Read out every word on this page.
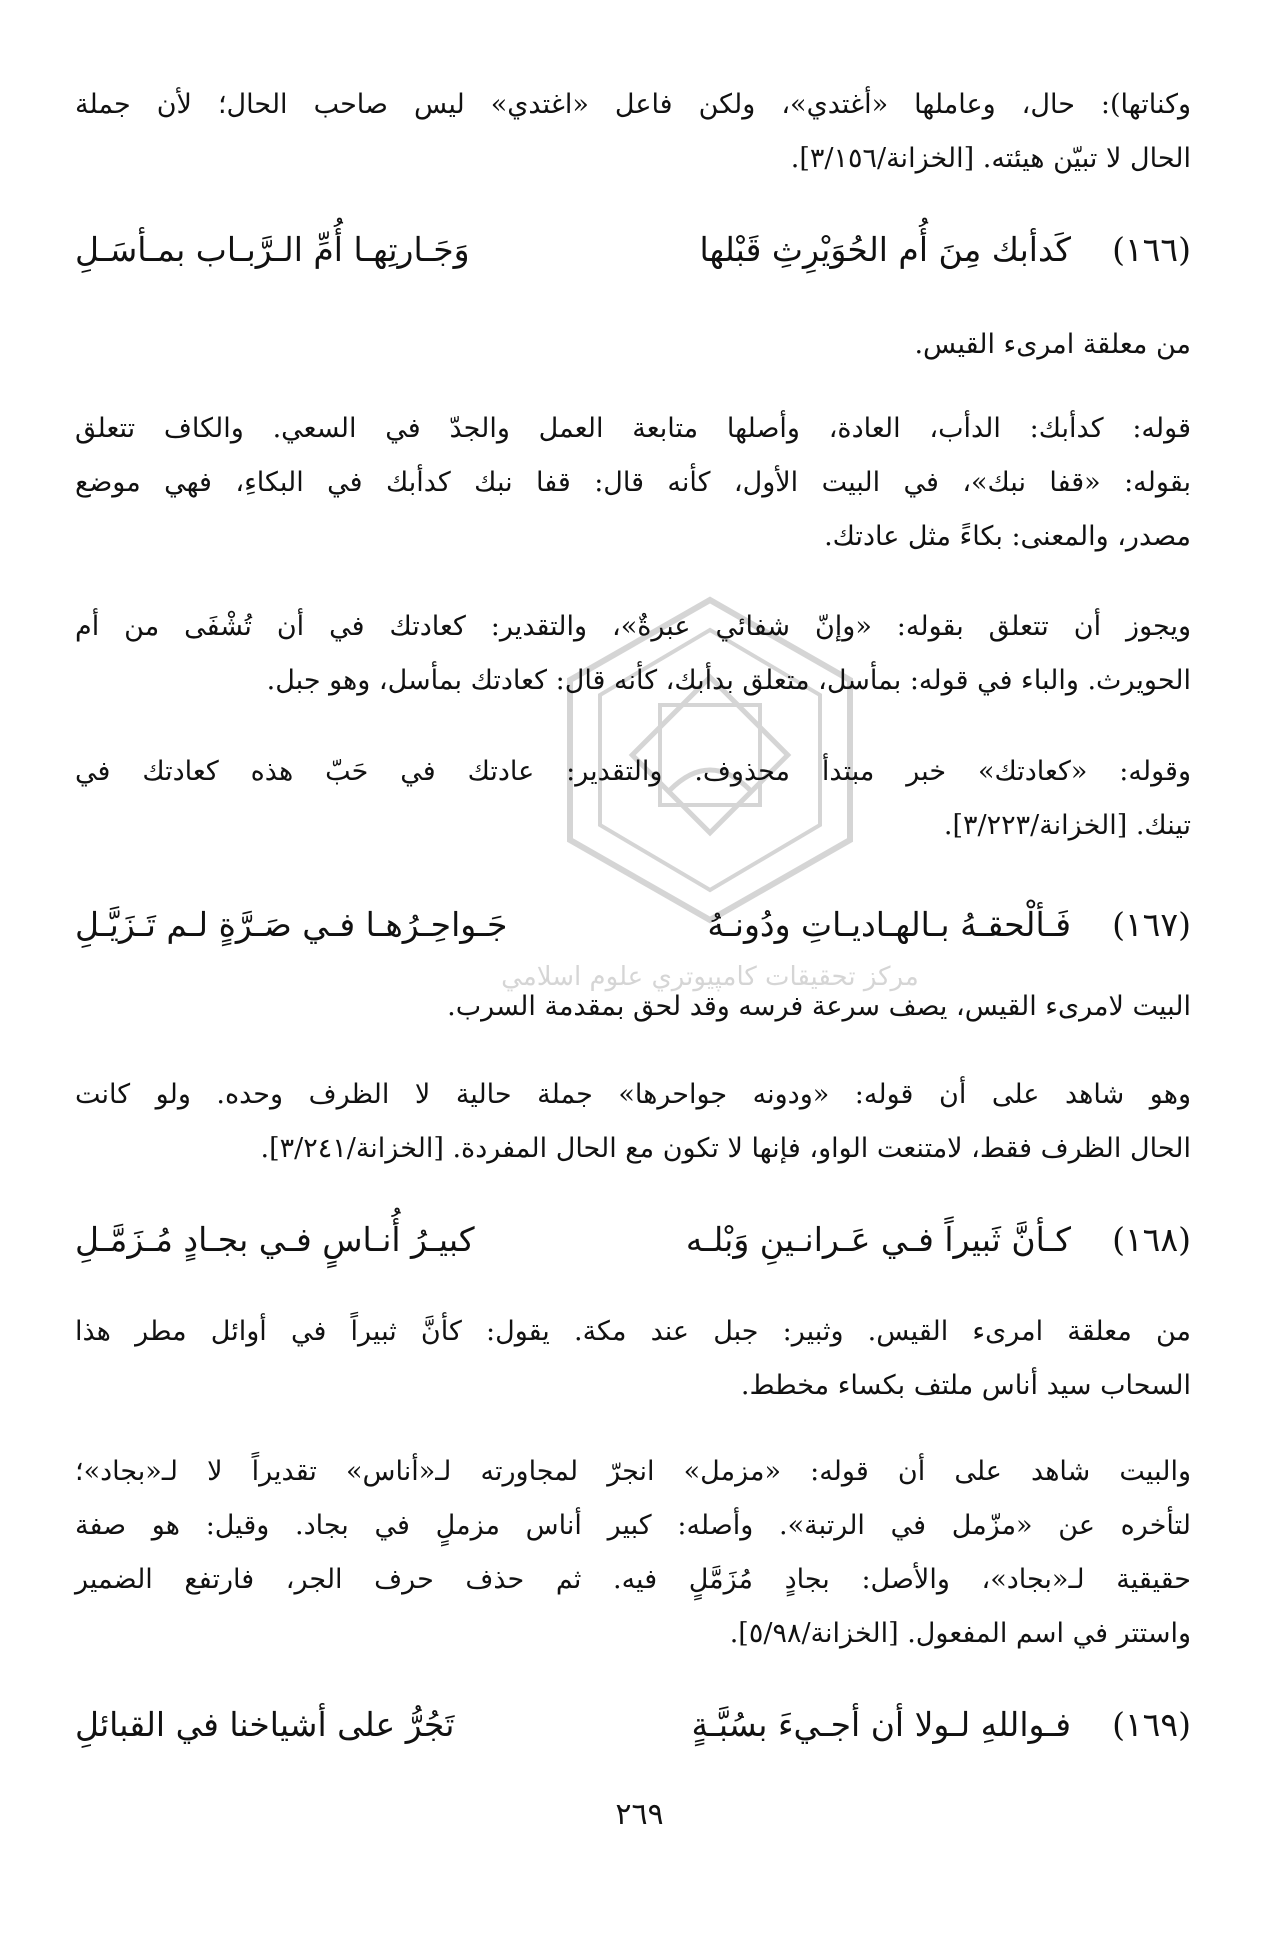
مركز تحقيقات كامپيوتري علوم اسلامي
وكناتها): حال، وعاملها «أغتدي»، ولكن فاعل «اغتدي» ليس صاحب الحال؛ لأن جملة
الحال لا تبيّن هيئته. [الخزانة/٣/١٥٦].
(١٦٦)
كَدأبك مِنَ أُم الحُوَيْرِثِ قَبْلها
وَجَـارتِهـا أُمِّ الـرَّبـاب بمـأسَـلِ
من معلقة امرىء القيس.
قوله: كدأبك: الدأب، العادة، وأصلها متابعة العمل والجدّ في السعي. والكاف تتعلق
بقوله: «قفا نبك»، في البيت الأول، كأنه قال: قفا نبك كدأبك في البكاءِ، فهي موضع
مصدر، والمعنى: بكاءً مثل عادتك.
ويجوز أن تتعلق بقوله: «وإنّ شفائي عبرةٌ»، والتقدير: كعادتك في أن تُشْفَى من أم
الحويرث. والباء في قوله: بمأسل، متعلق بدأبك، كأنه قال: كعادتك بمأسل، وهو جبل.
وقوله: «كعادتك» خبر مبتدأ محذوف. والتقدير: عادتك في حَبّ هذه كعادتك في
تينك. [الخزانة/٣/٢٢٣].
(١٦٧)
فَـألْحقـهُ بـالهـاديـاتِ ودُونـهُ
جَـواحِـرُهـا فـي صَـرَّةٍ لـم تَـزَيَّـلِ
البيت لامرىء القيس، يصف سرعة فرسه وقد لحق بمقدمة السرب.
وهو شاهد على أن قوله: «ودونه جواحرها» جملة حالية لا الظرف وحده. ولو كانت
الحال الظرف فقط، لامتنعت الواو، فإنها لا تكون مع الحال المفردة. [الخزانة/٣/٢٤١].
(١٦٨)
كـأنَّ ثَبيراً فـي عَـرانـينِ وَبْلـه
كبيـرُ أُنـاسٍ فـي بجـادٍ مُـزَمَّـلِ
من معلقة امرىء القيس. وثبير: جبل عند مكة. يقول: كأنَّ ثبيراً في أوائل مطر هذا
السحاب سيد أناس ملتف بكساء مخطط.
والبيت شاهد على أن قوله: «مزمل» انجرّ لمجاورته لـ«أناس» تقديراً لا لـ«بجاد»؛
لتأخره عن «مزّمل في الرتبة». وأصله: كبير أناس مزملٍ في بجاد. وقيل: هو صفة
حقيقية لـ«بجاد»، والأصل: بجادٍ مُزَمَّلٍ فيه. ثم حذف حرف الجر، فارتفع الضمير
واستتر في اسم المفعول. [الخزانة/٥/٩٨].
(١٦٩)
فـواللهِ لـولا أن أجـيءَ بسُبَّـةٍ
تَجُرُّ على أشياخنا في القبائلِ
٢٦٩
